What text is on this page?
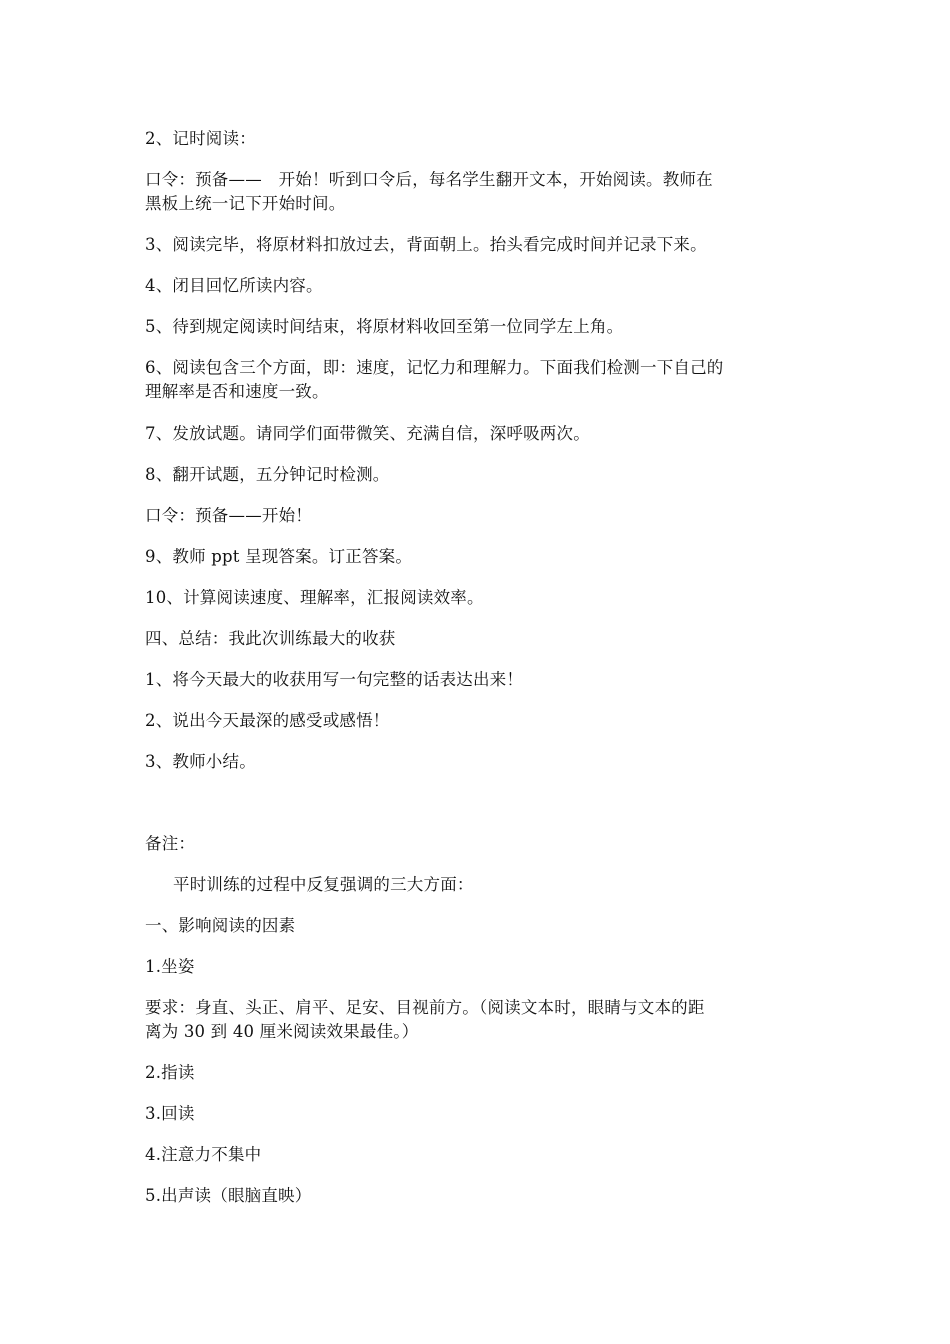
2、记时阅读：
口令：预备——　开始！听到口令后，每名学生翻开文本，开始阅读。教师在
黑板上统一记下开始时间。
3、阅读完毕，将原材料扣放过去，背面朝上。抬头看完成时间并记录下来。
4、闭目回忆所读内容。
5、待到规定阅读时间结束，将原材料收回至第一位同学左上角。
6、阅读包含三个方面，即：速度，记忆力和理解力。下面我们检测一下自己的
理解率是否和速度一致。
7、发放试题。请同学们面带微笑、充满自信，深呼吸两次。
8、翻开试题，五分钟记时检测。
口令：预备——开始！
9、教师 ppt 呈现答案。订正答案。
10、计算阅读速度、理解率，汇报阅读效率。
四、总结：我此次训练最大的收获
1、将今天最大的收获用写一句完整的话表达出来！
2、说出今天最深的感受或感悟！
3、教师小结。
备注：
平时训练的过程中反复强调的三大方面：
一、影响阅读的因素
1.坐姿
要求：身直、头正、肩平、足安、目视前方。（阅读文本时，眼睛与文本的距
离为 30 到 40 厘米阅读效果最佳。）
2.指读
3.回读
4.注意力不集中
5.出声读（眼脑直映）
